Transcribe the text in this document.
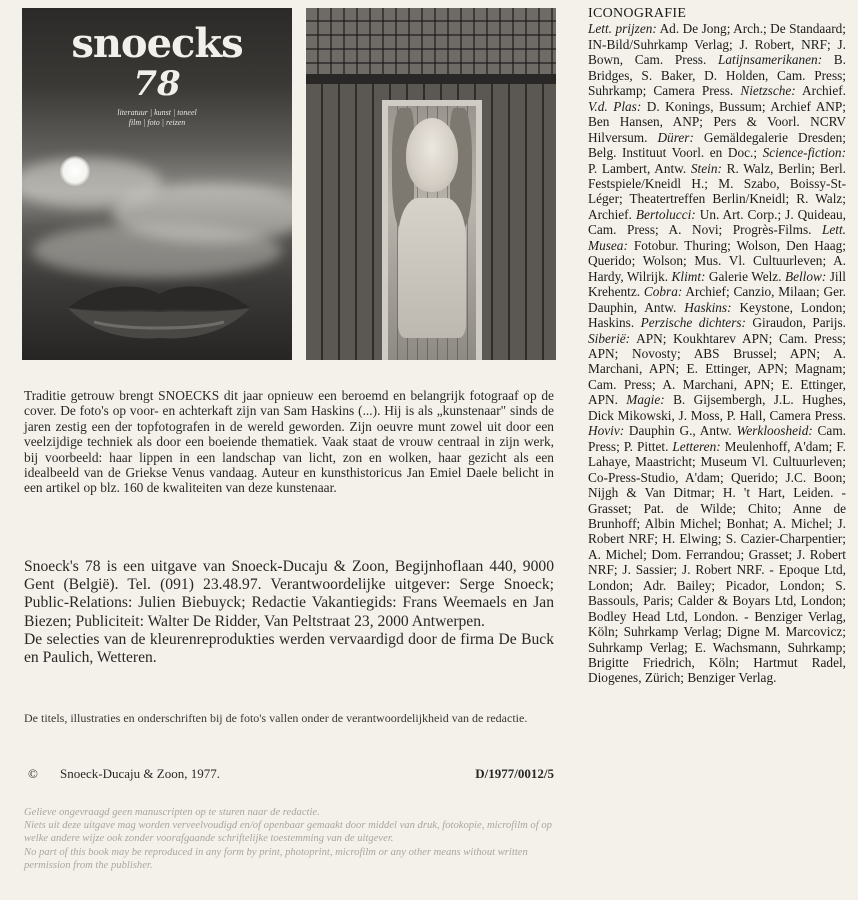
snoecks
78
literatuur | kunst | toneel
film | foto | reizen
Traditie getrouw brengt SNOECKS dit jaar opnieuw een beroemd en belangrijk fotograaf op de cover. De foto's op voor- en achterkaft zijn van Sam Haskins (...). Hij is als „kunstenaar" sinds de jaren zestig een der topfotografen in de wereld geworden. Zijn oeuvre munt zowel uit door een veelzijdige techniek als door een boeiende thematiek. Vaak staat de vrouw centraal in zijn werk, bij voorbeeld: haar lippen in een landschap van licht, zon en wolken, haar gezicht als een idealbeeld van de Griekse Venus vandaag. Auteur en kunsthistoricus Jan Emiel Daele belicht in een artikel op blz. 160 de kwaliteiten van deze kunstenaar.

Snoeck's 78 is een uitgave van Snoeck-Ducaju & Zoon, Begijnhoflaan 440, 9000 Gent (België). Tel. (091) 23.48.97. Verantwoordelijke uitgever: Serge Snoeck; Public-Relations: Julien Biebuyck; Redactie Vakantiegids: Frans Weemaels en Jan Biezen; Publiciteit: Walter De Ridder, Van Peltstraat 23, 2000 Antwerpen.

De selecties van de kleurenreprodukties werden vervaardigd door de firma De Buck en Paulich, Wetteren.

De titels, illustraties en onderschriften bij de foto's vallen onder de verantwoordelijkheid van de redactie.
© Snoeck-Ducaju & Zoon, 1977.	D/1977/0012/5

Gelieve ongevraagd geen manuscripten op te sturen naar de redactie.

Niets uit deze uitgave mag worden verveelvoudigd en/of openbaar gemaakt door middel van druk, fotokopie, microfilm of op welke andere wijze ook zonder voorafgaande schriftelijke toestemming van de uitgever.

No part of this book may be reproduced in any form by print, photoprint, microfilm or any other means without written permission from the publisher.

ICONOGRAFIE
Lett. prijzen: Ad. De Jong; Arch.; De Standaard; IN-Bild/Suhrkamp Verlag; J. Robert, NRF; J. Bown, Cam. Press. Latijnsamerikanen: B. Bridges, S. Baker, D. Holden, Cam. Press; Suhrkamp; Camera Press. Nietzsche: Archief. V.d. Plas: D. Konings, Bussum; Archief ANP; Ben Hansen, ANP; Pers & Voorl. NCRV Hilversum. Dürer: Gemäldegalerie Dresden; Belg. Instituut Voorl. en Doc.; Science-fiction: P. Lambert, Antw. Stein: R. Walz, Berlin; Berl. Festspiele/Kneidl H.; M. Szabo, Boissy-St-Léger; Theatertreffen Berlin/Kneidl; R. Walz; Archief. Bertolucci: Un. Art. Corp.; J. Quideau, Cam. Press; A. Novi; Progrès-Films. Lett. Musea: Fotobur. Thuring; Wolson, Den Haag; Querido; Wolson; Mus. Vl. Cultuurleven; A. Hardy, Wilrijk. Klimt: Galerie Welz. Bellow: Jill Krehentz. Cobra: Archief; Canzio, Milaan; Ger. Dauphin, Antw. Haskins: Keystone, London; Haskins. Perzische dichters: Giraudon, Parijs. Siberië: APN; Koukhtarev APN; Cam. Press; APN; Novosty; ABS Brussel; APN; A. Marchani, APN; E. Ettinger, APN; Magnam; Cam. Press; A. Marchani, APN; E. Ettinger, APN. Magie: B. Gijsembergh, J.L. Hughes, Dick Mikowski, J. Moss, P. Hall, Camera Press. Hoviv: Dauphin G., Antw. Werkloosheid: Cam. Press; P. Pittet. Letteren: Meulenhoff, A'dam; F. Lahaye, Maastricht; Museum Vl. Cultuurleven; Co-Press-Studio, A'dam; Querido; J.C. Boon; Nijgh & Van Ditmar; H. 't Hart, Leiden. - Grasset; Pat. de Wilde; Chito; Anne de Brunhoff; Albin Michel; Bonhat; A. Michel; J. Robert NRF; H. Elwing; S. Cazier-Charpentier; A. Michel; Dom. Ferrandou; Grasset; J. Robert NRF; J. Sassier; J. Robert NRF. - Epoque Ltd, London; Adr. Bailey; Picador, London; S. Bassouls, Paris; Calder & Boyars Ltd, London; Bodley Head Ltd, London. - Benziger Verlag, Köln; Suhrkamp Verlag; Digne M. Marcovicz; Suhrkamp Verlag; E. Wachsmann, Suhrkamp; Brigitte Friedrich, Köln; Hartmut Radel, Diogenes, Zürich; Benziger Verlag.
